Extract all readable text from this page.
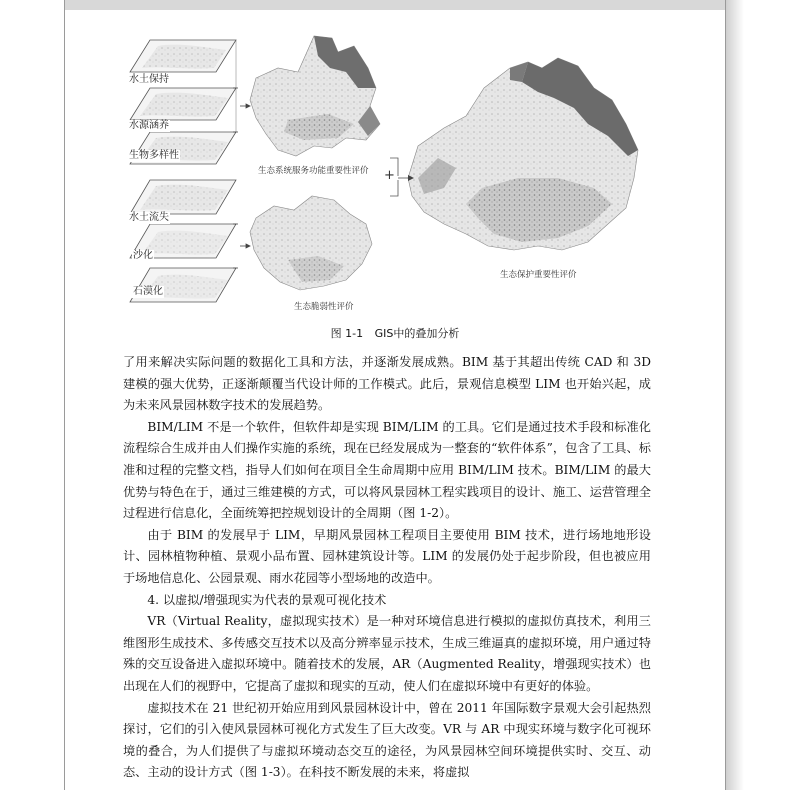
水土保持
水源涵养
生物多样性
水土流失
沙化
石漠化
生态系统服务功能重要性评价 +
生态脆弱性评价
生态保护重要性评价
图 1-1 GIS中的叠加分析

了用来解决实际问题的数据化工具和方法，并逐渐发展成熟。BIM 基于其超出传统 CAD 和 3D 建模的强大优势，正逐渐颠覆当代设计师的工作模式。此后，景观信息模型 LIM 也开始兴起，成为未来风景园林数字技术的发展趋势。

BIM/LIM 不是一个软件，但软件却是实现 BIM/LIM 的工具。它们是通过技术手段和标准化流程综合生成并由人们操作实施的系统，现在已经发展成为一整套的“软件体系”，包含了工具、标准和过程的完整文档，指导人们如何在项目全生命周期中应用 BIM/LIM 技术。BIM/LIM 的最大优势与特色在于，通过三维建模的方式，可以将风景园林工程实践项目的设计、施工、运营管理全过程进行信息化，全面统筹把控规划设计的全周期（图 1-2）。

由于 BIM 的发展早于 LIM，早期风景园林工程项目主要使用 BIM 技术，进行场地地形设计、园林植物种植、景观小品布置、园林建筑设计等。LIM 的发展仍处于起步阶段，但也被应用于场地信息化、公园景观、雨水花园等小型场地的改造中。

4. 以虚拟/增强现实为代表的景观可视化技术

VR（Virtual Reality，虚拟现实技术）是一种对环境信息进行模拟的虚拟仿真技术，利用三维图形生成技术、多传感交互技术以及高分辨率显示技术，生成三维逼真的虚拟环境，用户通过特殊的交互设备进入虚拟环境中。随着技术的发展，AR（Augmented Reality，增强现实技术）也出现在人们的视野中，它提高了虚拟和现实的互动，使人们在虚拟环境中有更好的体验。

虚拟技术在 21 世纪初开始应用到风景园林设计中，曾在 2011 年国际数字景观大会引起热烈探讨，它们的引入使风景园林可视化方式发生了巨大改变。VR 与 AR 中现实环境与数字化可视环境的叠合，为人们提供了与虚拟环境动态交互的途径，为风景园林空间环境提供实时、交互、动态、主动的设计方式（图 1-3）。在科技不断发展的未来，将虚拟
